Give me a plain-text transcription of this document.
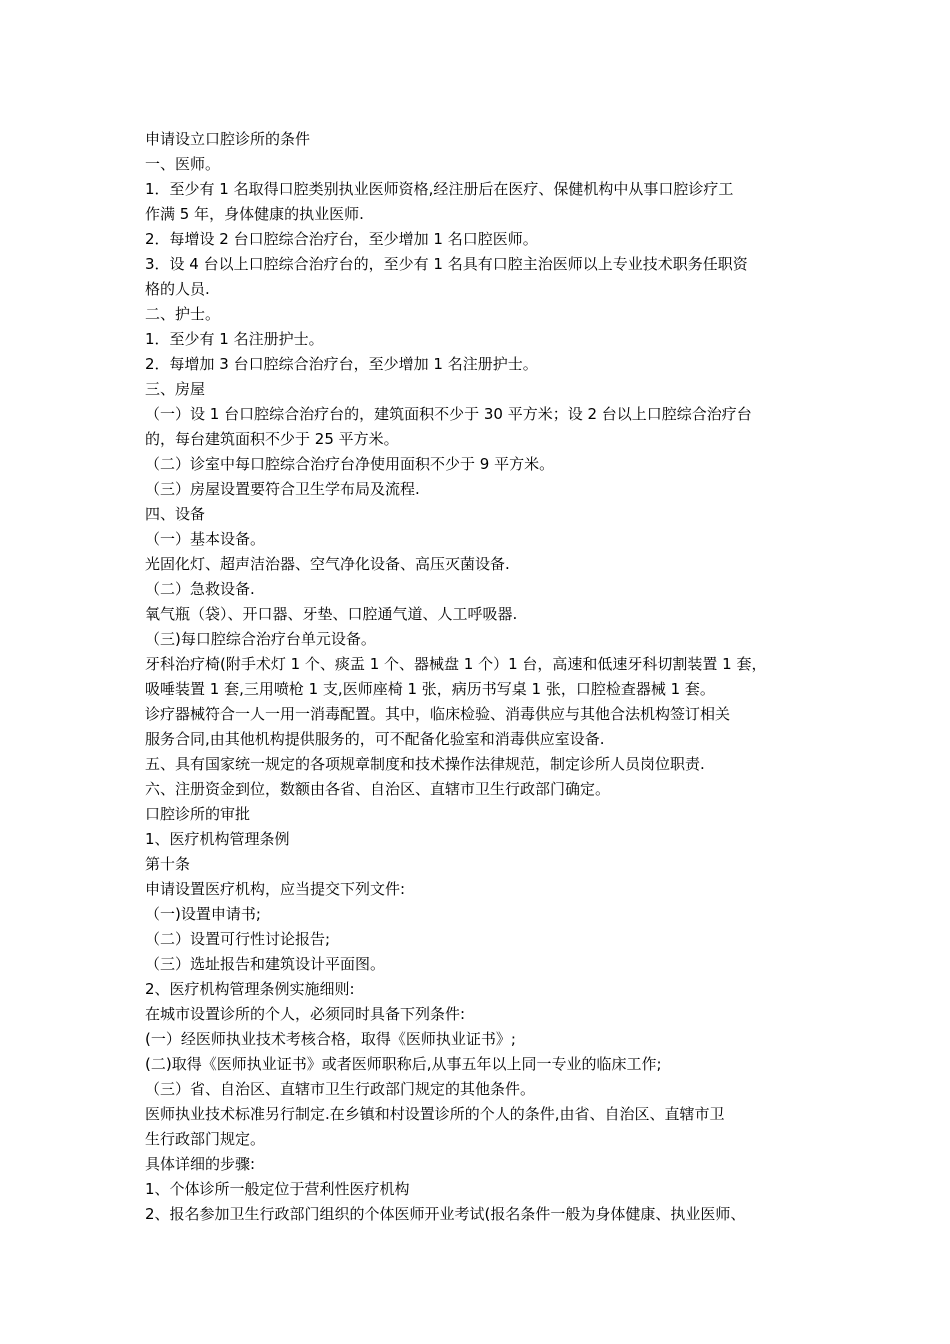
申请设立口腔诊所的条件
一、医师。
1．至少有 1 名取得口腔类别执业医师资格,经注册后在医疗、保健机构中从事口腔诊疗工
作满 5 年，身体健康的执业医师.
2．每增设 2 台口腔综合治疗台，至少增加 1 名口腔医师。
3．设 4 台以上口腔综合治疗台的，至少有 1 名具有口腔主治医师以上专业技术职务任职资
格的人员.
二、护士。
1．至少有 1 名注册护士。
2．每增加 3 台口腔综合治疗台，至少增加 1 名注册护士。
三、房屋
（一）设 1 台口腔综合治疗台的，建筑面积不少于 30 平方米；设 2 台以上口腔综合治疗台
的，每台建筑面积不少于 25 平方米。
（二）诊室中每口腔综合治疗台净使用面积不少于 9 平方米。
（三）房屋设置要符合卫生学布局及流程.
四、设备
（一）基本设备。
光固化灯、超声洁治器、空气净化设备、高压灭菌设备.
（二）急救设备.
氧气瓶（袋）、开口器、牙垫、口腔通气道、人工呼吸器.
（三)每口腔综合治疗台单元设备。
牙科治疗椅(附手术灯 1 个、痰盂 1 个、器械盘 1 个）1 台，高速和低速牙科切割装置 1 套，
吸唾装置 1 套,三用喷枪 1 支,医师座椅 1 张，病历书写桌 1 张，口腔检查器械 1 套。
诊疗器械符合一人一用一消毒配置。其中，临床检验、消毒供应与其他合法机构签订相关
服务合同,由其他机构提供服务的，可不配备化验室和消毒供应室设备.
五、具有国家统一规定的各项规章制度和技术操作法律规范，制定诊所人员岗位职责.
六、注册资金到位，数额由各省、自治区、直辖市卫生行政部门确定。
口腔诊所的审批
1、医疗机构管理条例
第十条
申请设置医疗机构，应当提交下列文件:
（一)设置申请书;
（二）设置可行性讨论报告;
（三）选址报告和建筑设计平面图。
2、医疗机构管理条例实施细则:
在城市设置诊所的个人，必须同时具备下列条件:
(一）经医师执业技术考核合格，取得《医师执业证书》;
(二)取得《医师执业证书》或者医师职称后,从事五年以上同一专业的临床工作;
（三）省、自治区、直辖市卫生行政部门规定的其他条件。
医师执业技术标准另行制定.在乡镇和村设置诊所的个人的条件,由省、自治区、直辖市卫
生行政部门规定。
具体详细的步骤:
1、个体诊所一般定位于营利性医疗机构
2、报名参加卫生行政部门组织的个体医师开业考试(报名条件一般为身体健康、执业医师、
